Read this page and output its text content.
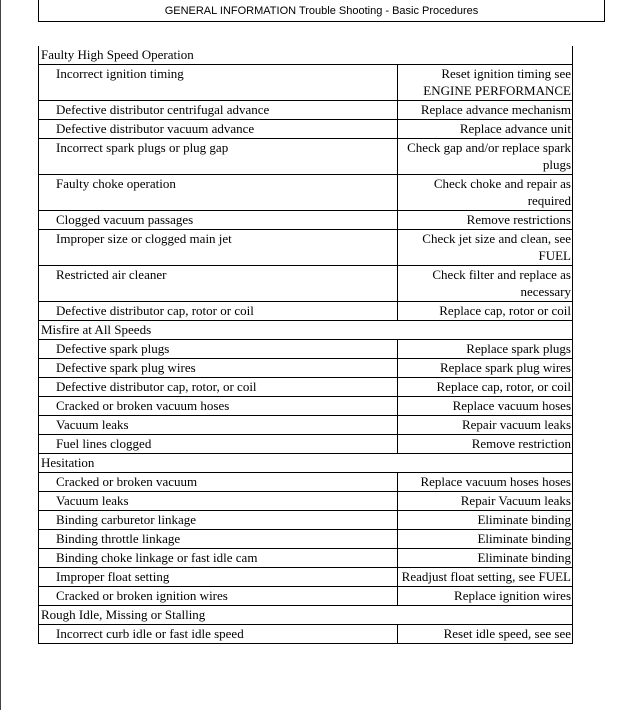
GENERAL INFORMATION Trouble Shooting - Basic Procedures
Faulty High Speed Operation	
Incorrect ignition timing	Reset ignition timing see ENGINE PERFORMANCE
Defective distributor centrifugal advance	Replace advance mechanism
Defective distributor vacuum advance	Replace advance unit
Incorrect spark plugs or plug gap	Check gap and/or replace spark plugs
Faulty choke operation	Check choke and repair as required
Clogged vacuum passages	Remove restrictions
Improper size or clogged main jet	Check jet size and clean, see FUEL
Restricted air cleaner	Check filter and replace as necessary
Defective distributor cap, rotor or coil	Replace cap, rotor or coil
Misfire at All Speeds	
Defective spark plugs	Replace spark plugs
Defective spark plug wires	Replace spark plug wires
Defective distributor cap, rotor, or coil	Replace cap, rotor, or coil
Cracked or broken vacuum hoses	Replace vacuum hoses
Vacuum leaks	Repair vacuum leaks
Fuel lines clogged	Remove restriction
Hesitation	
Cracked or broken vacuum	Replace vacuum hoses hoses
Vacuum leaks	Repair Vacuum leaks
Binding carburetor linkage	Eliminate binding
Binding throttle linkage	Eliminate binding
Binding choke linkage or fast idle cam	Eliminate binding
Improper float setting	Readjust float setting, see FUEL
Cracked or broken ignition wires	Replace ignition wires
Rough Idle, Missing or Stalling	
Incorrect curb idle or fast idle speed	Reset idle speed, see see
